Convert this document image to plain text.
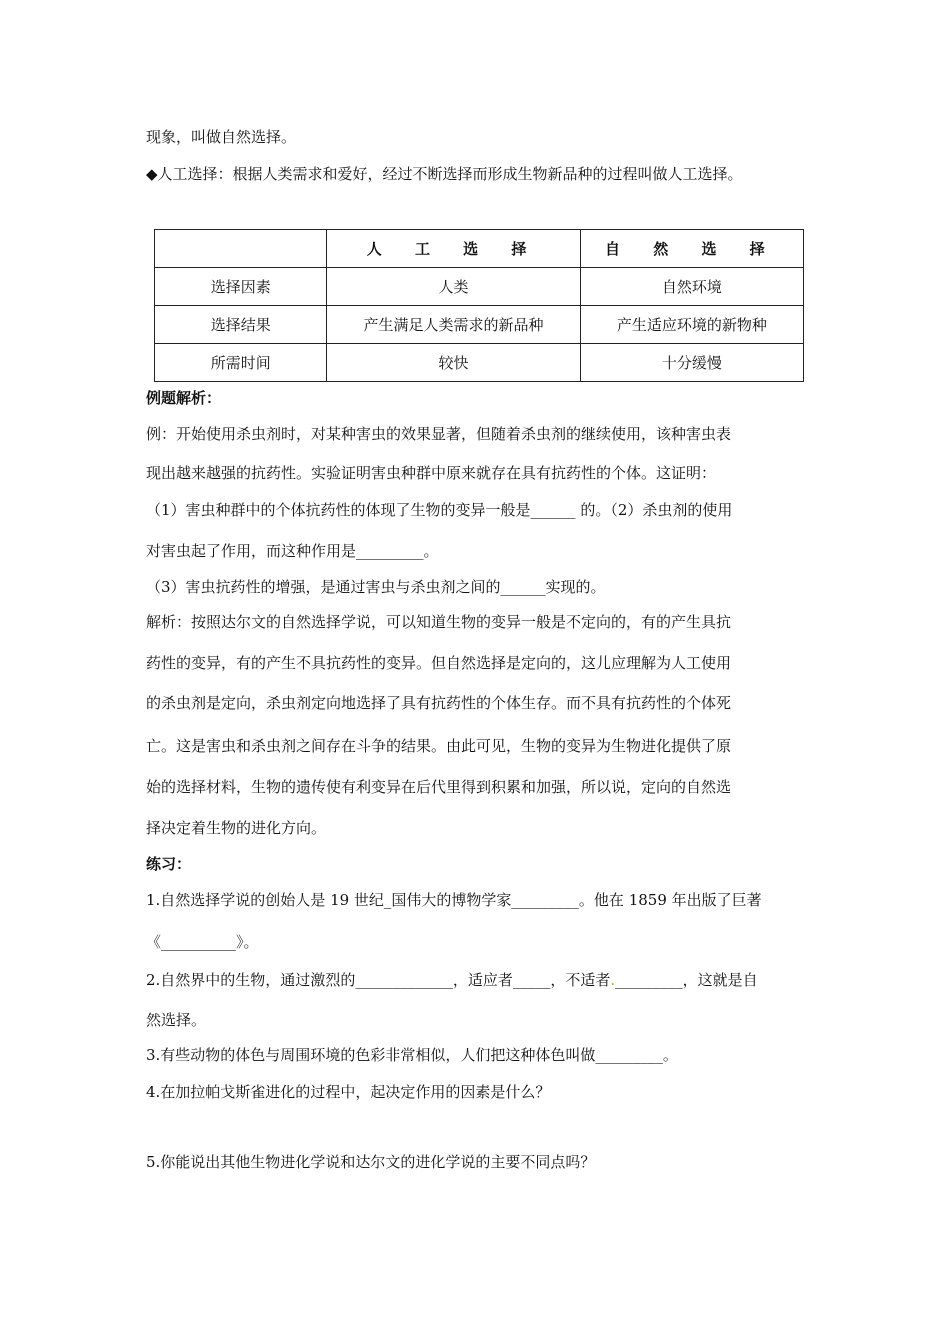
现象，叫做自然选择。
◆人工选择：根据人类需求和爱好，经过不断选择而形成生物新品种的过程叫做人工选择。
	人 工 选 择	自 然 选 择
选择因素	人类	自然环境
选择结果	产生满足人类需求的新品种	产生适应环境的新物种
所需时间	较快	十分缓慢
例题解析：
例：开始使用杀虫剂时，对某种害虫的效果显著，但随着杀虫剂的继续使用，该种害虫表
现出越来越强的抗药性。实验证明害虫种群中原来就存在具有抗药性的个体。这证明：
（1）害虫种群中的个体抗药性的体现了生物的变异一般是______ 的。（2）杀虫剂的使用
对害虫起了作用，而这种作用是_________。
（3）害虫抗药性的增强，是通过害虫与杀虫剂之间的______实现的。
解析：按照达尔文的自然选择学说，可以知道生物的变异一般是不定向的，有的产生具抗
药性的变异，有的产生不具抗药性的变异。但自然选择是定向的，这儿应理解为人工使用
的杀虫剂是定向，杀虫剂定向地选择了具有抗药性的个体生存。而不具有抗药性的个体死
亡。这是害虫和杀虫剂之间存在斗争的结果。由此可见，生物的变异为生物进化提供了原
始的选择材料，生物的遗传使有利变异在后代里得到积累和加强，所以说，定向的自然选
择决定着生物的进化方向。
练习：
1.自然选择学说的创始人是 19 世纪_国伟大的博物学家_________。他在 1859 年出版了巨著
《__________》。
2.自然界中的生物，通过激烈的_____________，适应者_____，不适者._________，这就是自
然选择。
3.有些动物的体色与周围环境的色彩非常相似，人们把这种体色叫做_________。
4.在加拉帕戈斯雀进化的过程中，起决定作用的因素是什么？
5.你能说出其他生物进化学说和达尔文的进化学说的主要不同点吗？
